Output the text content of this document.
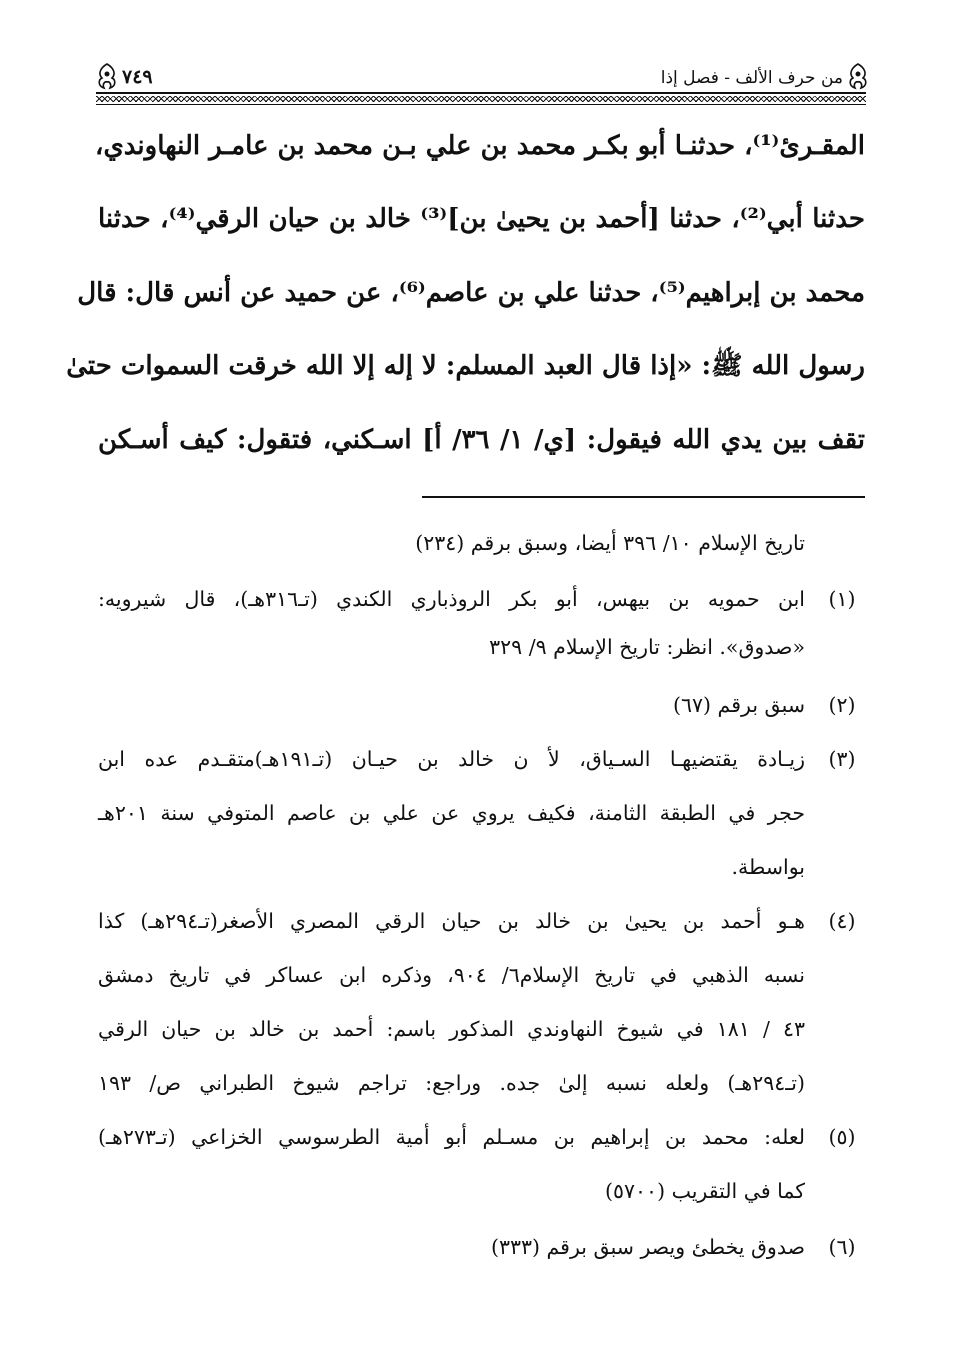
من حرف الألف - فصل إذا
٧٤٩
المقـرئ⁽¹⁾، حدثنـا أبو بكـر محمد بن علي بـن محمد بن عامـر النهاوندي،
حدثنا أبي⁽²⁾، حدثنا [أحمد بن يحيىٰ بن]⁽³⁾ خالد بن حيان الرقي⁽⁴⁾، حدثنا
محمد بن إبراهيم⁽⁵⁾، حدثنا علي بن عاصم⁽⁶⁾، عن حميد عن أنس قال: قال
رسول الله ﷺ: «إذا قال العبد المسلم: لا إله إلا الله خرقت السموات حتىٰ
تقف بين يدي الله فيقول: [ي/ ١/ ٣٦/ أ] اسـكني، فتقول: كيف أسـكن
تاريخ الإسلام ١٠/ ٣٩٦ أيضا، وسبق برقم (٢٣٤)
(١)
ابن حمويه بن بيهس، أبو بكر الروذباري الكندي (تـ٣١٦هـ)، قال شيرويه:
«صدوق». انظر: تاريخ الإسلام ٩/ ٣٢٩
(٢)
سبق برقم (٦٧)
(٣)
زيـادة يقتضيهـا السـياق، لأ ن خالد بن حيـان (تـ١٩١هـ)متقـدم عده ابن
حجر في الطبقة الثامنة، فكيف يروي عن علي بن عاصم المتوفي سنة ٢٠١هـ
بواسطة.
(٤)
هـو أحمد بن يحيىٰ بن خالد بن حيان الرقي المصري الأصغر(تـ٢٩٤هـ) كذا
نسبه الذهبي في تاريخ الإسلام٦/ ٩٠٤، وذكره ابن عساكر في تاريخ دمشق
٤٣ / ١٨١ في شيوخ النهاوندي المذكور باسم: أحمد بن خالد بن حيان الرقي
(تـ٢٩٤هـ) ولعله نسبه إلىٰ جده. وراجع: تراجم شيوخ الطبراني ص/ ١٩٣
(٥)
لعله: محمد بن إبراهيم بن مسـلم أبو أمية الطرسوسي الخزاعي (تـ٢٧٣هـ)
كما في التقريب (٥٧٠٠)
(٦)
صدوق يخطئ ويصر سبق برقم (٣٣٣)
